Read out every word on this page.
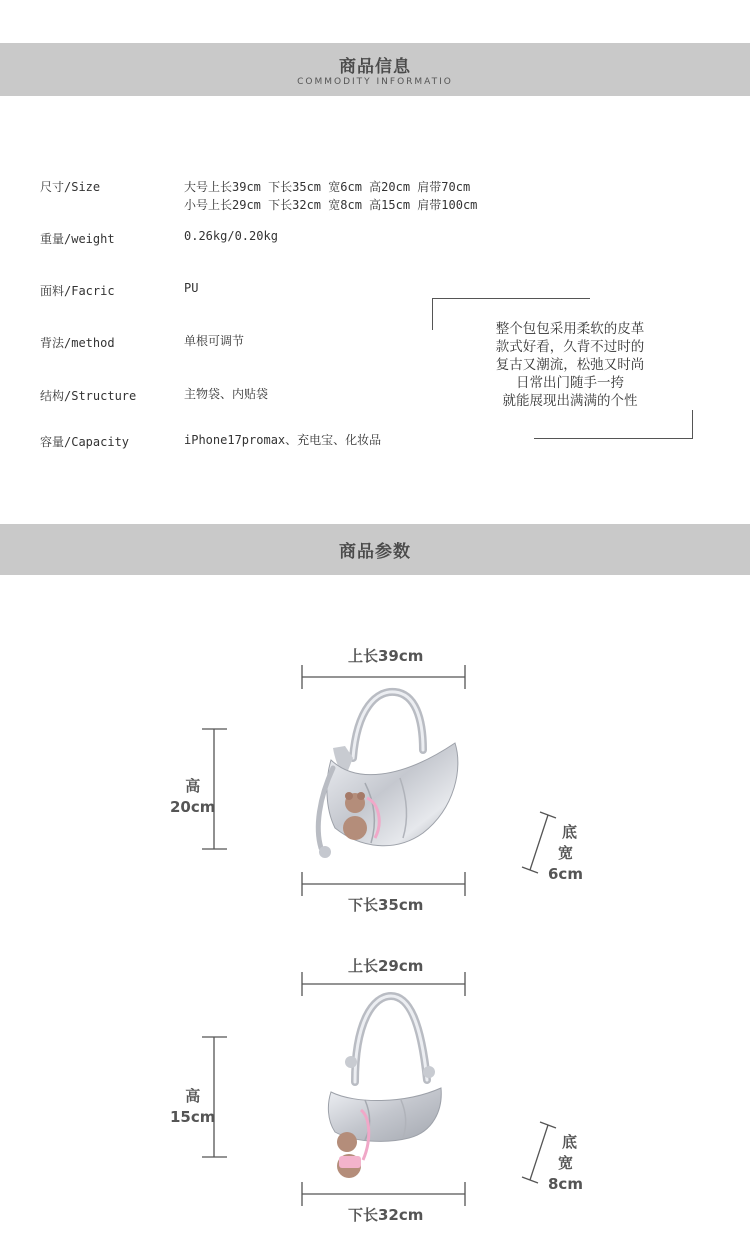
商品信息
COMMODITY INFORMATIO
尺寸/Size	大号上长39cm 下长35cm 宽6cm 高20cm 肩带70cm
小号上长29cm 下长32cm 宽8cm 高15cm 肩带100cm
重量/weight	0.26kg/0.20kg
面料/Facric	PU
背法/method	单根可调节
结构/Structure	主物袋、内贴袋
容量/Capacity	iPhone17promax、充电宝、化妆品
整个包包采用柔软的皮革
款式好看，久背不过时的
复古又潮流，松弛又时尚
日常出门随手一挎
就能展现出满满的个性
商品参数
上长39cm
高
20cm
下长35cm
底
宽
6cm
上长29cm
高
15cm
下长32cm
底
宽
8cm
